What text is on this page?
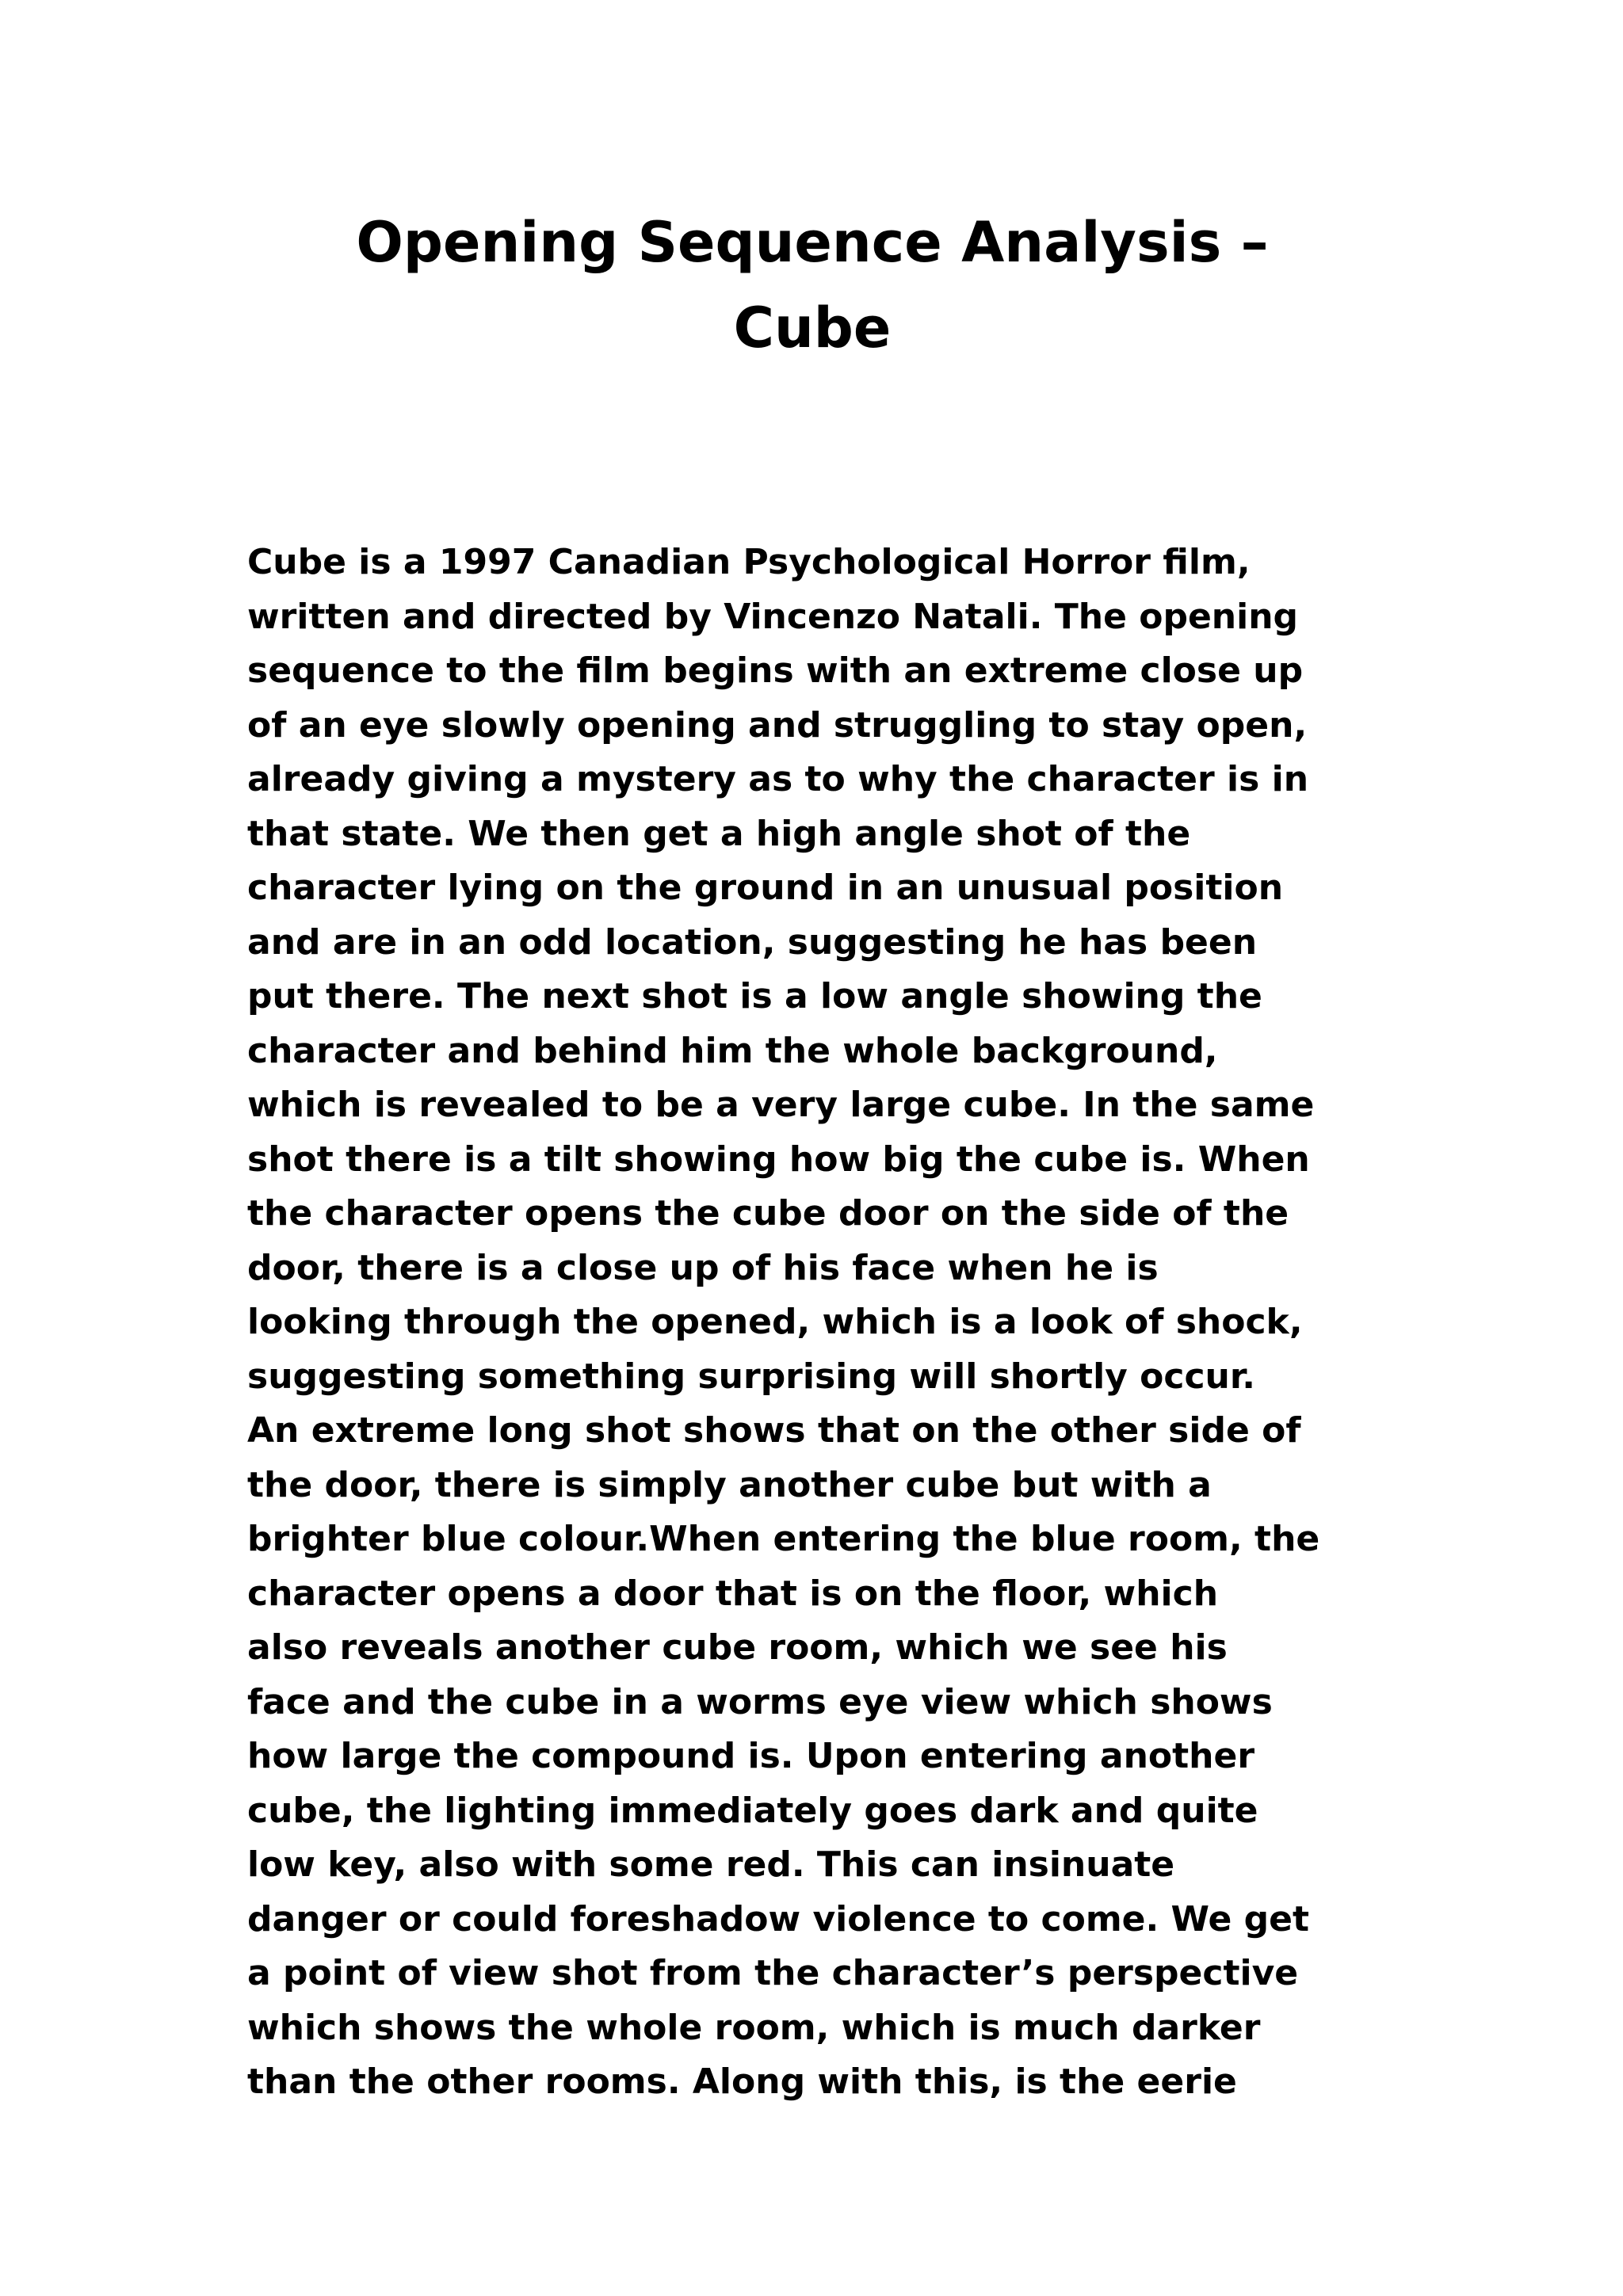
Opening Sequence Analysis –
Cube

Cube is a 1997 Canadian Psychological Horror film,
written and directed by Vincenzo Natali. The opening
sequence to the film begins with an extreme close up
of an eye slowly opening and struggling to stay open,
already giving a mystery as to why the character is in
that state. We then get a high angle shot of the
character lying on the ground in an unusual position
and are in an odd location, suggesting he has been
put there. The next shot is a low angle showing the
character and behind him the whole background,
which is revealed to be a very large cube. In the same
shot there is a tilt showing how big the cube is. When
the character opens the cube door on the side of the
door, there is a close up of his face when he is
looking through the opened, which is a look of shock,
suggesting something surprising will shortly occur.
An extreme long shot shows that on the other side of
the door, there is simply another cube but with a
brighter blue colour.When entering the blue room, the
character opens a door that is on the floor, which
also reveals another cube room, which we see his
face and the cube in a worms eye view which shows
how large the compound is. Upon entering another
cube, the lighting immediately goes dark and quite
low key, also with some red. This can insinuate
danger or could foreshadow violence to come. We get
a point of view shot from the character’s perspective
which shows the whole room, which is much darker
than the other rooms. Along with this, is the eerie
